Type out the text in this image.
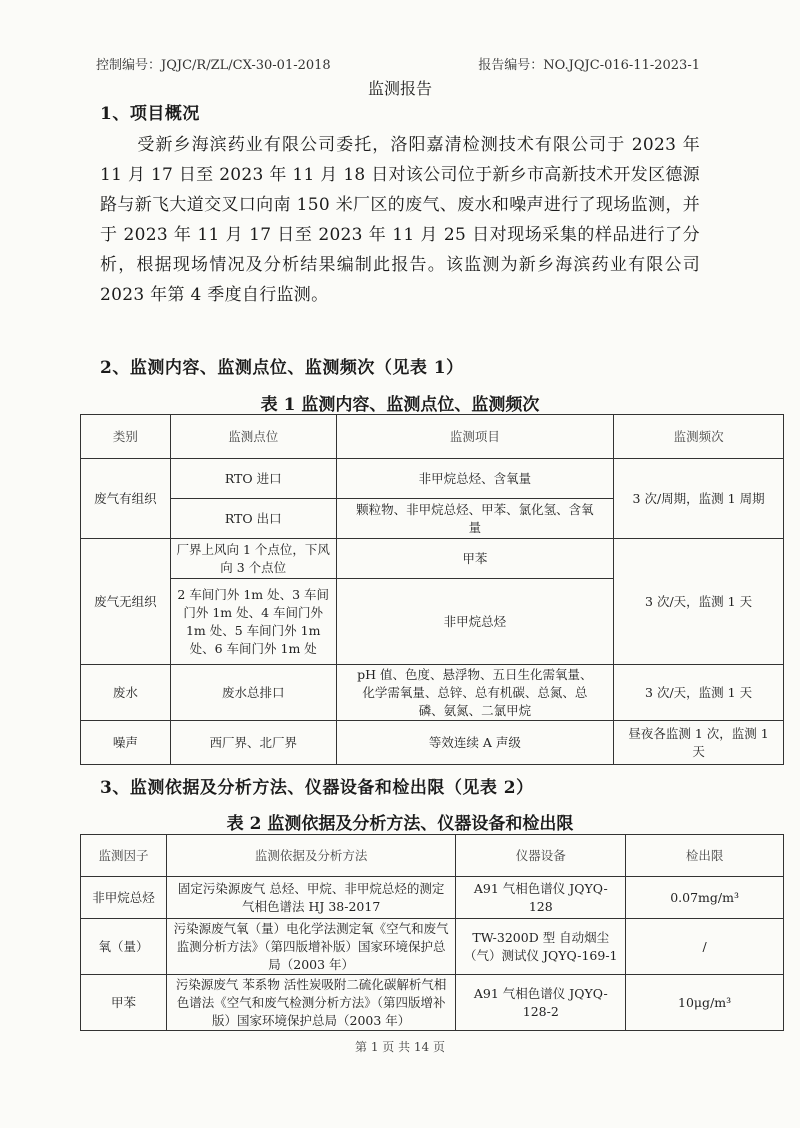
控制编号：JQJC/R/ZL/CX-30-01-2018	报告编号：NO.JQJC-016-11-2023-1
监测报告
1、项目概况

受新乡海滨药业有限公司委托，洛阳嘉清检测技术有限公司于 2023 年 11 月 17 日至 2023 年 11 月 18 日对该公司位于新乡市高新技术开发区德源路与新飞大道交叉口向南 150 米厂区的废气、废水和噪声进行了现场监测，并于 2023 年 11 月 17 日至 2023 年 11 月 25 日对现场采集的样品进行了分析，根据现场情况及分析结果编制此报告。该监测为新乡海滨药业有限公司 2023 年第 4 季度自行监测。

2、监测内容、监测点位、监测频次（见表 1）
表 1 监测内容、监测点位、监测频次
类别	监测点位	监测项目	监测频次
废气有组织	RTO 进口	非甲烷总烃、含氧量	3 次/周期，监测 1 周期
	RTO 出口	颗粒物、非甲烷总烃、甲苯、氯化氢、含氧量	
废气无组织	厂界上风向 1 个点位，下风向 3 个点位	甲苯	3 次/天，监测 1 天
	2 车间门外 1m 处、3 车间门外 1m 处、4 车间门外 1m 处、5 车间门外 1m 处、6 车间门外 1m 处	非甲烷总烃	
废水	废水总排口	pH 值、色度、悬浮物、五日生化需氧量、化学需氧量、总锌、总有机碳、总氮、总磷、氨氮、二氯甲烷	3 次/天，监测 1 天
噪声	西厂界、北厂界	等效连续 A 声级	昼夜各监测 1 次，监测 1 天
3、监测依据及分析方法、仪器设备和检出限（见表 2）
表 2 监测依据及分析方法、仪器设备和检出限
监测因子	监测依据及分析方法	仪器设备	检出限
非甲烷总烃	固定污染源废气 总烃、甲烷、非甲烷总烃的测定 气相色谱法 HJ 38-2017	A91 气相色谱仪 JQYQ-128	0.07mg/m³
氧（量）	污染源废气氧（量）电化学法测定氧《空气和废气监测分析方法》（第四版增补版）国家环境保护总局（2003 年）	TW-3200D 型 自动烟尘（气）测试仪 JQYQ-169-1	/
甲苯	污染源废气 苯系物 活性炭吸附二硫化碳解析气相色谱法《空气和废气检测分析方法》（第四版增补版）国家环境保护总局（2003 年）	A91 气相色谱仪 JQYQ-128-2	10μg/m³
第 1 页 共 14 页
